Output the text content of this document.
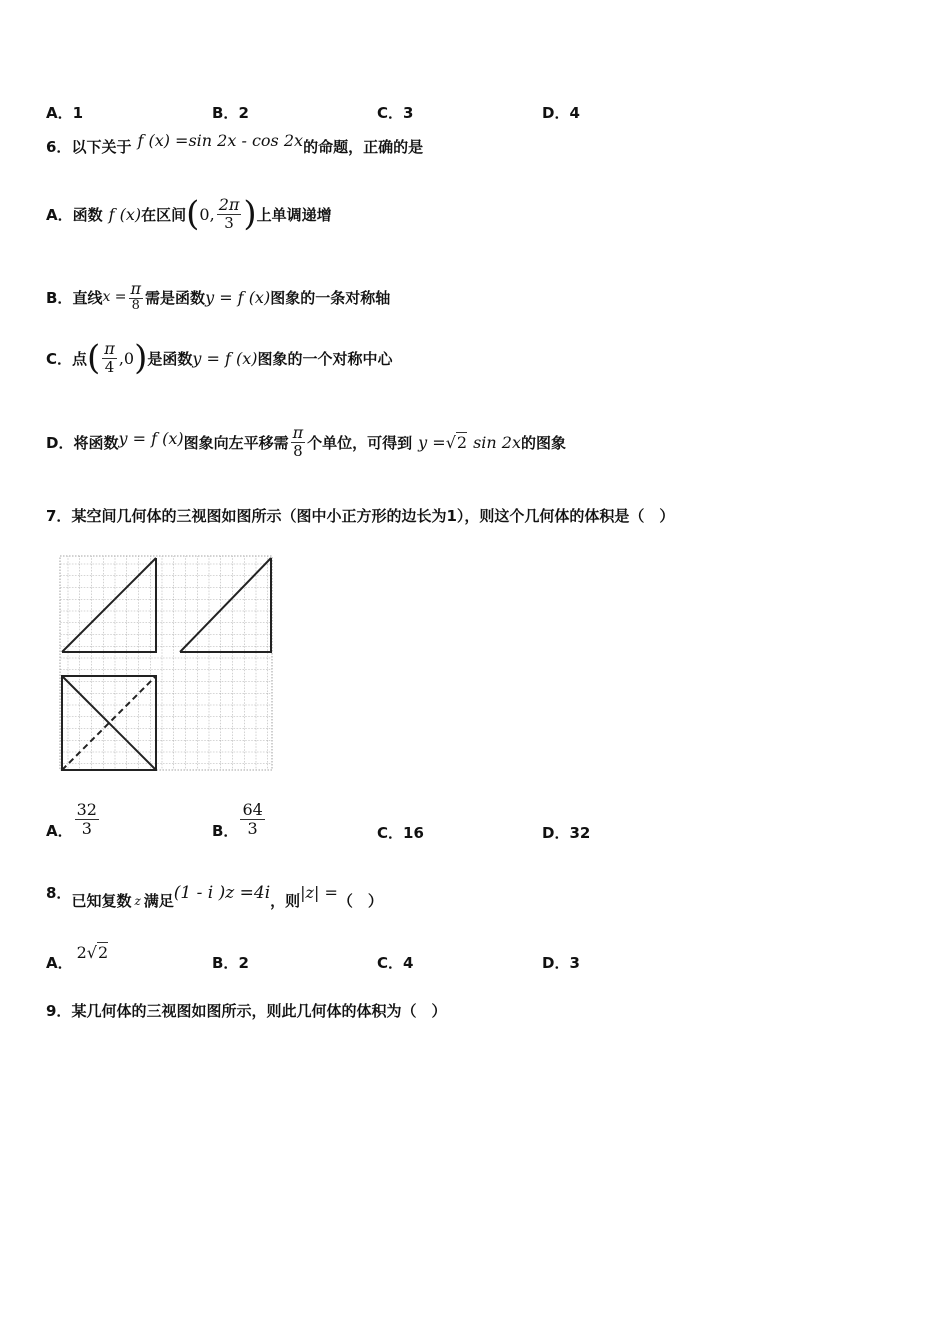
A． 1	B． 2	C． 3	D． 4
6． 以下关于 f (x) =sin 2x - cos 2x 的命题，正确的是
A． 函数 f (x) 在区间 ( 0, $\frac{2\pi}{3}$ ) 上单调递增
B． 直线 $x = \frac{\pi}{8}$ 需是函数 y = f (x) 图象的一条对称轴
C． 点 ( $\frac{\pi}{4} ,0$ ) 是函数 y = f (x) 图象的一个对称中心
D． 将函数 y = f (x) 图象向左平移需 $\frac{\pi}{8}$ 个单位，可得到 y = √2 sin 2x 的图象
7． 某空间几何体的三视图如图所示（图中小正方形的边长为1），则这个几何体的体积是（　）
A． $\frac{32}{3}$	B． $\frac{64}{3}$	C． 16	D． 32
8． 已知复数 z 满足 (1 - i )z =4i ，则 |z| = （　）
A．
2 √2
B． 2	C． 4	D． 3
9． 某几何体的三视图如图所示，则此几何体的体积为（　）
